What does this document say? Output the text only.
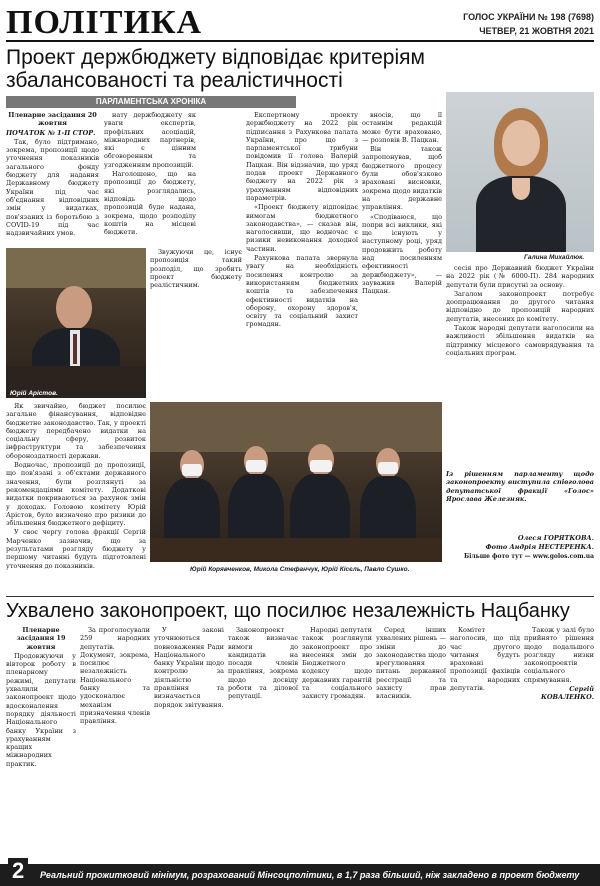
ПОЛІТИКА	ГОЛОС УКРАЇНИ № 198 (7698)
ЧЕТВЕР, 21 ЖОВТНЯ 2021
Проект держбюджету відповідає критеріям збалансованості та реалістичності
ПАРЛАМЕНТСЬКА ХРОНІКА

Пленарне засідання 20 жовтня

ПОЧАТОК № 1-ІІ СТОР.

Так, було підтримано, зокрема, пропозиції щодо уточнення показників загального фонду бюджету для надання Державному бюджету України під час об'єднання відповідних змін у видатках, пов'язаних із боротьбою з COVID-19 під час надзвичайних умов.

нату держбюджету як уваги експертів, профільних асоціацій, міжнародних партнерів, які є цінним обговоренням та узгодженням пропозицій.

Наголошено, що на пропозиції до бюджету, які розглядались, відповідь щодо пропозицій буде надана, зокрема, щодо розподілу коштів на місцеві бюджети.

Юрій Арістов.

Звужуючи це, існує пропозиція такий розподіл, що зробить проект бюджету реалістичним.

Експертному проекту держбюджету на 2022 рік підписання з Рахункова палата України, про що з парламентської трибуни повідомив її голова Валерій Пацкан. Він відзначив, що уряд подав проект Державного бюджету на 2022 рік з урахуванням відповідних параметрів.

«Проект бюджету відповідає вимогам бюджетного законодавства», — сказав він, наголосивши, що водночас є ризики невиконання доходної частини.

Рахункова палата звернула увагу на необхідність посилення контролю за використанням бюджетних коштів та забезпечення ефективності видатків на оборону, охорону здоров'я, освіту та соціальний захист громадян.

вносів, що її останнім редакцій може бути враховано, — розповів В. Пацкан.

Він також запропонував, щоб бюджетного процесу були обов'язково враховані висновки, зокрема щодо видатків на державне управління.

«Сподіваюся, що попри всі виклики, які ще існують у наступному році, уряд продовжить роботу над посиленням ефективності держбюджету», — зауважив Валерій Пацкан.

Галина Михайлюк.

сесія про Державний бюджет України на 2022 рік (№ 6000-П). 284 народних депутати були присутні за основу.

Загалом законопроект потребує доопрацювання до другого читання відповідно до пропозицій народних депутатів, внесених до комітету.

Також народні депутати наголосили на важливості збільшення видатків на підтримку місцевого самоврядування та соціальних програм.

Як звичайно, бюджет посилює загальне фінансування, відповідне бюджетне законодавство. Так, у проекті бюджету передбачено видатки на соціальну сферу, розвиток інфраструктури та забезпечення обороноздатності держави.

Водночас, пропозиції до пропозиції, що пов'язані з об'єктами державного значення, були розглянуті за рекомендаціями комітету. Додаткові видатки покриваються за рахунок змін у доходах. Головою комітету Юрій Арістов, було визначено про ризики до збільшення бюджетного дефіциту.

У своє чергу голова фракції Сергій Марченко зазначив, що за результатами розгляду бюджету у першому читанні будуть підготовлені уточнення до показників.	Юрій Корявченков, Микола Стефанчук, Юрій Кісєль, Павло Сушко.

Із рішенням парламенту щодо законопроекту виступила співголова депутатської фракції «Голос» Ярослава Железняк.

Олеся ГОРЯТКОВА.

Фото Андрія НЕСТЕРЕНКА.

Більше фото тут — www.golos.com.ua

Ухвалено законопроект, що посилює незалежність Нацбанку

Пленарне засідання 19 жовтня

Продовжуючи у вівторок роботу в пленарному режимі, депутати ухвалили законопроект щодо вдосконалення порядку діяльності Національного банку України з урахуванням кращих міжнародних практик.

За проголосували 259 народних депутатів. Документ, зокрема, посилює незалежність Національного банку та удосконалює механізм призначення членів правління.

У законі уточнюються повноваження Ради Національного банку України щодо контролю за діяльністю правління та визначається порядок звітування.

Законопроект також визначає вимоги до кандидатів на посади членів правління, зокрема щодо досвіду роботи та ділової репутації.

Народні депутати також розглянули законопроект про внесення змін до Бюджетного кодексу щодо державних гарантій та соціального захисту громадян.

Серед інших ухвалених рішень — зміни до законодавства щодо врегулювання питань державної реєстрації та захисту прав власників.

Комітет наголосив, що під час другого читання будуть враховані пропозиції фахівців та народних депутатів.

Також у залі було прийнято рішення щодо подальшого розгляду низки законопроектів соціального спрямування.

Сергій КОВАЛЕНКО.

2	Реальний прожитковий мінімум, розрахований Мінсоцполітики, в 1,7 раза більший, ніж закладено в проект бюджету
